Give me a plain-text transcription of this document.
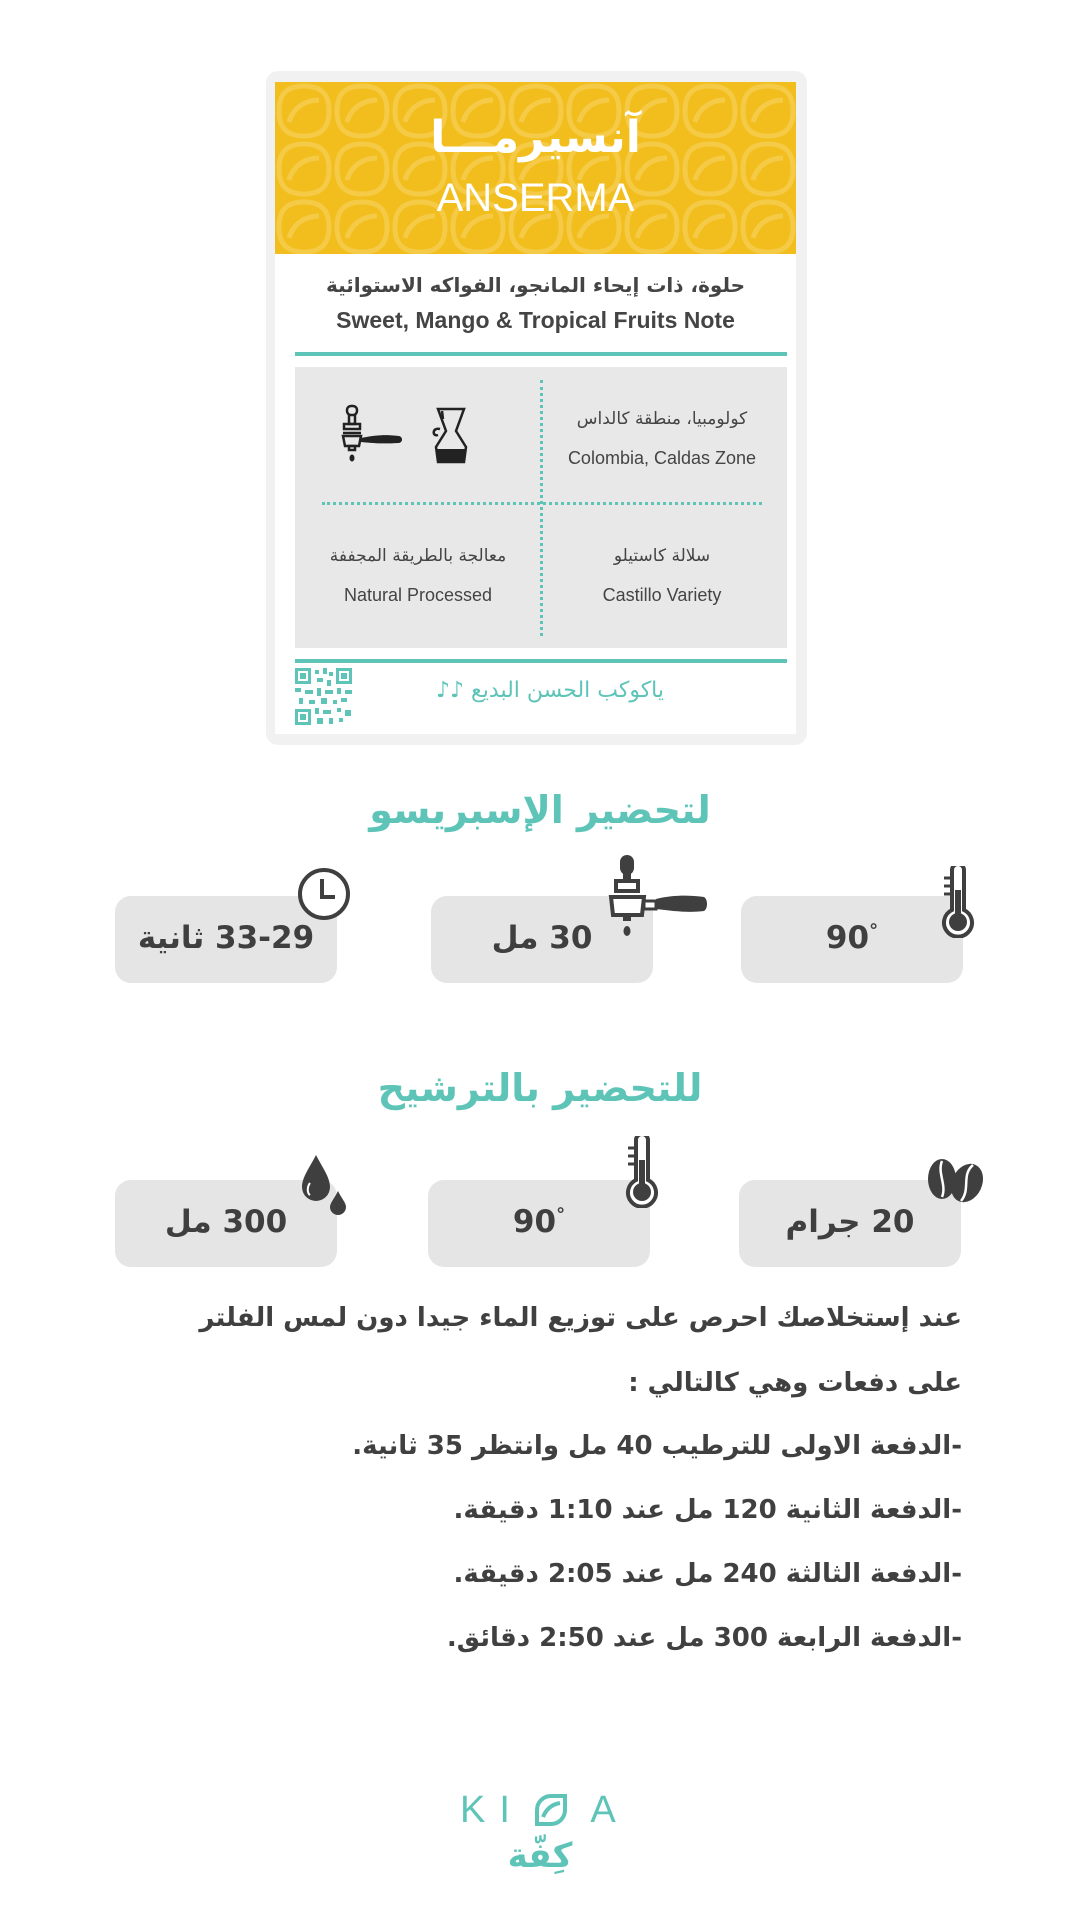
آنسيرمـــا
ANSERMA
حلوة، ذات إيحاء المانجو، الفواكه الاستوائية
Sweet, Mango & Tropical Fruits Note
كولومبيا، منطقة كالداس
Colombia, Caldas Zone
معالجة بالطريقة المجففة
Natural Processed
سلالة كاستيلو
Castillo Variety
ياكوكب الحسن البديع ♪♪
لتحضير الإسبريسو
33-29 ثانية	30 مل	90°
للتحضير بالترشيح
300 مل	90°	20 جرام
عند إستخلاصك احرص على توزيع الماء جيدا دون لمس الفلتر
على دفعات وهي كالتالي :
-الدفعة الاولى للترطيب 40 مل وانتظر 35 ثانية.
-الدفعة الثانية 120 مل عند 1:10 دقيقة.
-الدفعة الثالثة 240 مل عند 2:05 دقيقة.
-الدفعة الرابعة 300 مل عند 2:50 دقائق.
KI A
كِفّة
